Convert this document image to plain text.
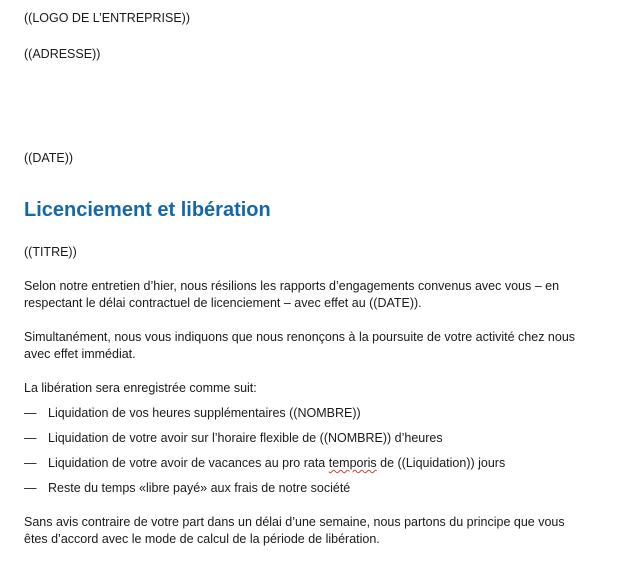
((LOGO DE L’ENTREPRISE))
((ADRESSE))
((DATE))
Licenciement et libération
((TITRE))
Selon notre entretien d’hier, nous résilions les rapports d’engagements convenus avec vous – en respectant le délai contractuel de licenciement – avec effet au ((DATE)).
Simultanément, nous vous indiquons que nous renonçons à la poursuite de votre activité chez nous avec effet immédiat.
La libération sera enregistrée comme suit:
— Liquidation de vos heures supplémentaires ((NOMBRE))
— Liquidation de votre avoir sur l’horaire flexible de ((NOMBRE)) d’heures
— Liquidation de votre avoir de vacances au pro rata temporis de ((Liquidation)) jours
— Reste du temps «libre payé» aux frais de notre société
Sans avis contraire de votre part dans un délai d’une semaine, nous partons du principe que vous êtes d’accord avec le mode de calcul de la période de libération.
